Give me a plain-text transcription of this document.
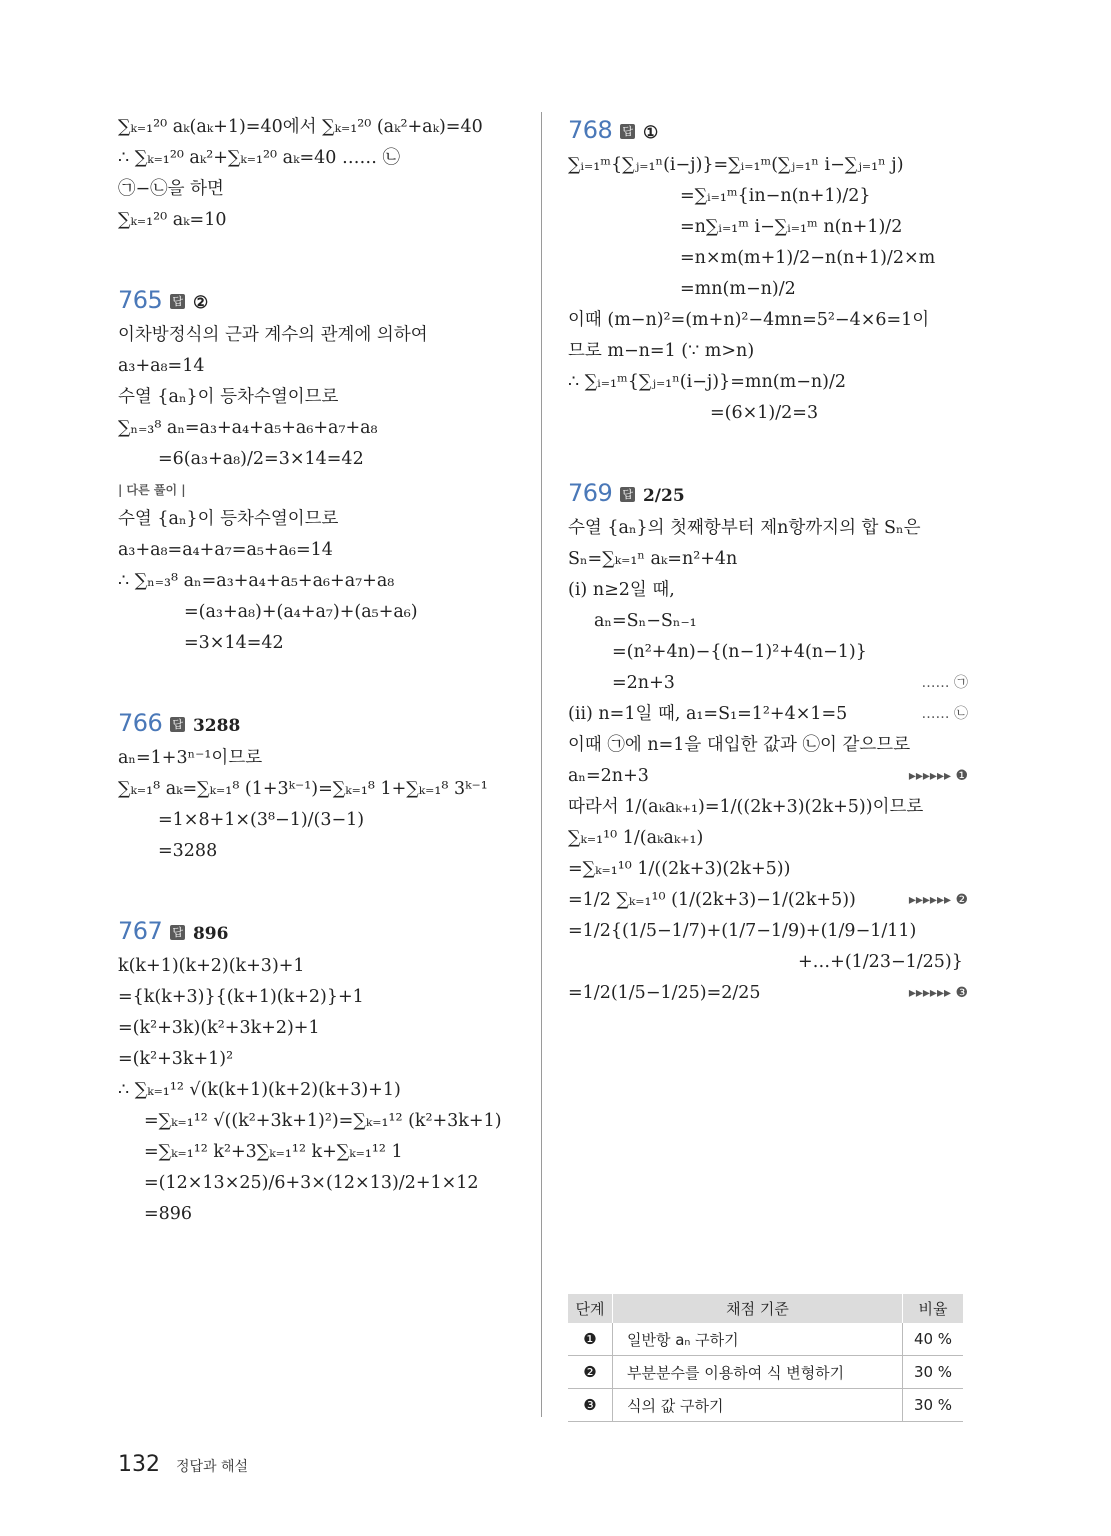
∑ₖ₌₁²⁰ aₖ(aₖ+1)=40에서 ∑ₖ₌₁²⁰ (aₖ²+aₖ)=40
∴ ∑ₖ₌₁²⁰ aₖ²+∑ₖ₌₁²⁰ aₖ=40 …… ㉡
㉠−㉡을 하면
∑ₖ₌₁²⁰ aₖ=10
765 답 ②
이차방정식의 근과 계수의 관계에 의하여
a₃+a₈=14
수열 {aₙ}이 등차수열이므로
∑ₙ₌₃⁸ aₙ=a₃+a₄+a₅+a₆+a₇+a₈
=6(a₃+a₈)/2=3×14=42
| 다른 풀이 |
수열 {aₙ}이 등차수열이므로
a₃+a₈=a₄+a₇=a₅+a₆=14
∴ ∑ₙ₌₃⁸ aₙ=a₃+a₄+a₅+a₆+a₇+a₈
=(a₃+a₈)+(a₄+a₇)+(a₅+a₆)
=3×14=42
766 답 3288
aₙ=1+3ⁿ⁻¹이므로
∑ₖ₌₁⁸ aₖ=∑ₖ₌₁⁸ (1+3ᵏ⁻¹)=∑ₖ₌₁⁸ 1+∑ₖ₌₁⁸ 3ᵏ⁻¹
=1×8+1×(3⁸−1)/(3−1)
=3288
767 답 896
k(k+1)(k+2)(k+3)+1
={k(k+3)}{(k+1)(k+2)}+1
=(k²+3k)(k²+3k+2)+1
=(k²+3k+1)²
∴ ∑ₖ₌₁¹² √(k(k+1)(k+2)(k+3)+1)
=∑ₖ₌₁¹² √((k²+3k+1)²)=∑ₖ₌₁¹² (k²+3k+1)
=∑ₖ₌₁¹² k²+3∑ₖ₌₁¹² k+∑ₖ₌₁¹² 1
=(12×13×25)/6+3×(12×13)/2+1×12
=896
768 답 ①
∑ᵢ₌₁ᵐ{∑ⱼ₌₁ⁿ(i−j)}=∑ᵢ₌₁ᵐ(∑ⱼ₌₁ⁿ i−∑ⱼ₌₁ⁿ j)
=∑ᵢ₌₁ᵐ{in−n(n+1)/2}
=n∑ᵢ₌₁ᵐ i−∑ᵢ₌₁ᵐ n(n+1)/2
=n×m(m+1)/2−n(n+1)/2×m
=mn(m−n)/2
이때 (m−n)²=(m+n)²−4mn=5²−4×6=1이
므로 m−n=1 (∵ m>n)
∴ ∑ᵢ₌₁ᵐ{∑ⱼ₌₁ⁿ(i−j)}=mn(m−n)/2
=(6×1)/2=3
769 답 2/25
수열 {aₙ}의 첫째항부터 제n항까지의 합 Sₙ은
Sₙ=∑ₖ₌₁ⁿ aₖ=n²+4n
(ⅰ) n≥2일 때,
aₙ=Sₙ−Sₙ₋₁
=(n²+4n)−{(n−1)²+4(n−1)}
=2n+3	…… ㉠
(ⅱ) n=1일 때, a₁=S₁=1²+4×1=5	…… ㉡
이때 ㉠에 n=1을 대입한 값과 ㉡이 같으므로
aₙ=2n+3	▸▸▸▸▸▸ ❶
따라서 1/(aₖaₖ₊₁)=1/((2k+3)(2k+5))이므로
∑ₖ₌₁¹⁰ 1/(aₖaₖ₊₁)
=∑ₖ₌₁¹⁰ 1/((2k+3)(2k+5))
=1/2 ∑ₖ₌₁¹⁰ (1/(2k+3)−1/(2k+5))	▸▸▸▸▸▸ ❷
=1/2{(1/5−1/7)+(1/7−1/9)+(1/9−1/11)
+…+(1/23−1/25)}
=1/2(1/5−1/25)=2/25	▸▸▸▸▸▸ ❸
단계	채점 기준	비율
❶	일반항 aₙ 구하기	40 %
❷	부분분수를 이용하여 식 변형하기	30 %
❸	식의 값 구하기	30 %
132 정답과 해설
